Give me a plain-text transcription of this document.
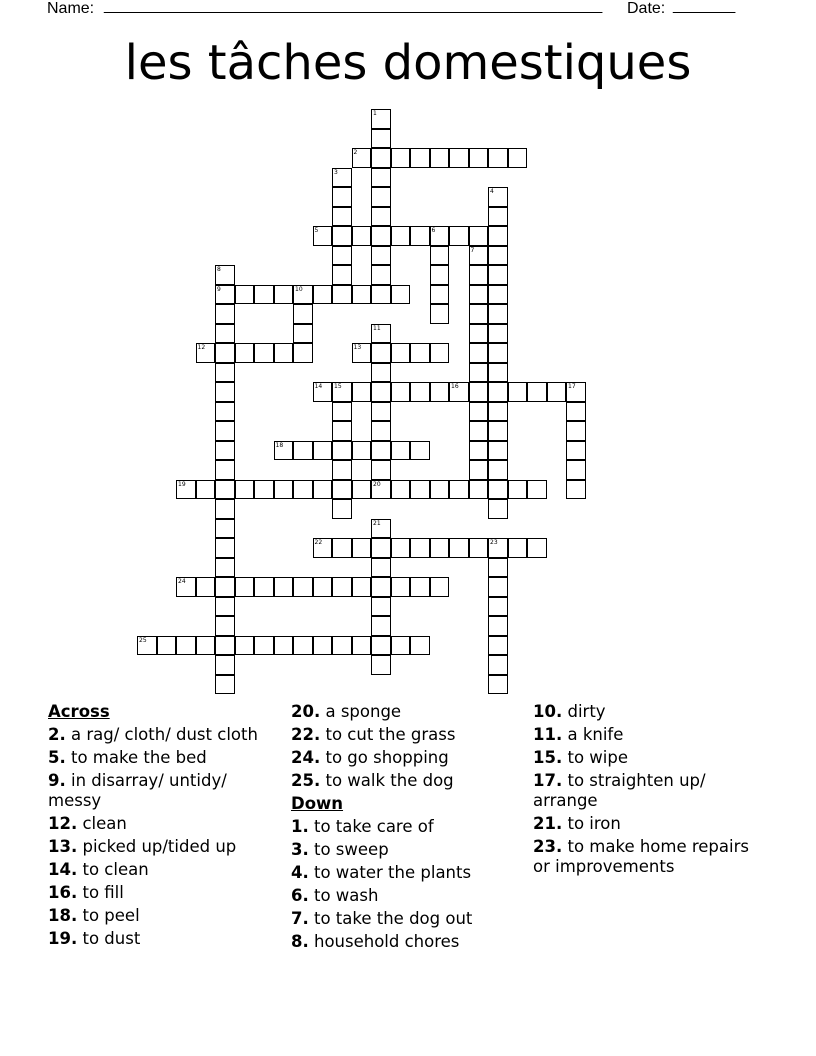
Name: ________________________________________________________ Date: _______
les tâches domestiques
1
2
3
4
5	6
7
8
9	10
11
20
12	13
14 15	16	17
18
19
21
22	23
24
25
Across
2. a rag/ cloth/ dust cloth
5. to make the bed
9. in disarray/ untidy/ messy
12. clean
13. picked up/tided up
14. to clean
16. to fill
18. to peel
19. to dust
20. a sponge
22. to cut the grass
24. to go shopping
25. to walk the dog
Down
1. to take care of
3. to sweep
4. to water the plants
6. to wash
7. to take the dog out
8. household chores
10. dirty
11. a knife
15. to wipe
17. to straighten up/ arrange
21. to iron
23. to make home repairs or improvements
